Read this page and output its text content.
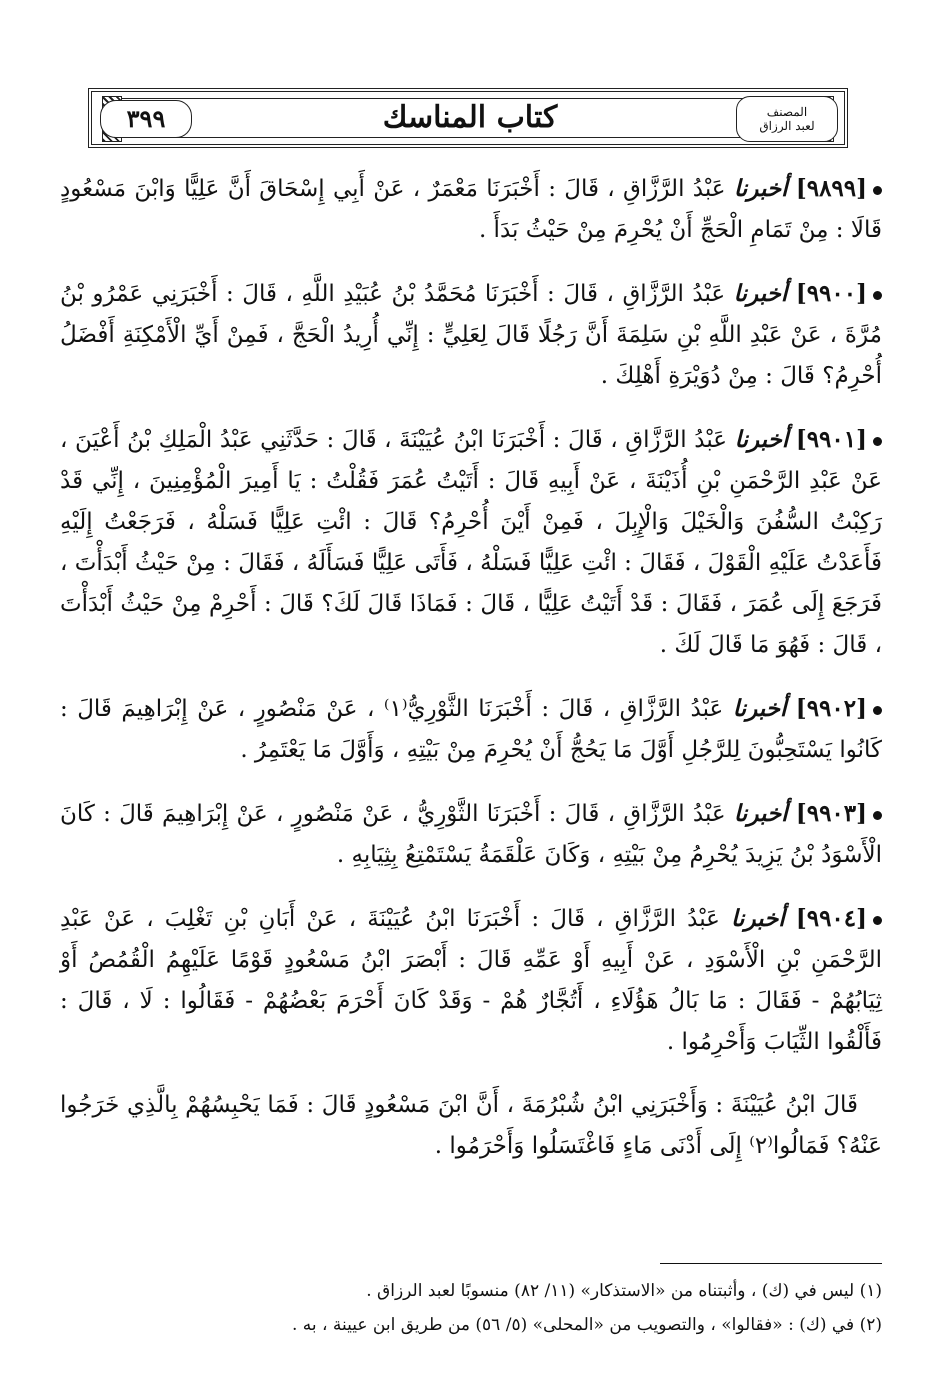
٣٩٩	كتاب المناسك	المصنف
لعبد الرزاق
[٩٨٩٩] أخبرنا عَبْدُ الرَّزَّاقِ ، قَالَ : أَخْبَرَنَا مَعْمَرٌ ، عَنْ أَبِي إِسْحَاقَ أَنَّ عَلِيًّا وَابْنَ مَسْعُودٍ قَالَا : مِنْ تَمَامِ الْحَجِّ أَنْ يُحْرِمَ مِنْ حَيْثُ بَدَأَ .
[٩٩٠٠] أخبرنا عَبْدُ الرَّزَّاقِ ، قَالَ : أَخْبَرَنَا مُحَمَّدُ بْنُ عُبَيْدِ اللَّهِ ، قَالَ : أَخْبَرَنِي عَمْرُو بْنُ مُرَّةَ ، عَنْ عَبْدِ اللَّهِ بْنِ سَلِمَةَ أَنَّ رَجُلًا قَالَ لِعَلِيٍّ : إِنِّي أُرِيدُ الْحَجَّ ، فَمِنْ أَيِّ الْأَمْكِنَةِ أَفْضَلُ أُحْرِمُ؟ قَالَ : مِنْ دُوَيْرَةِ أَهْلِكَ .
[٩٩٠١] أخبرنا عَبْدُ الرَّزَّاقِ ، قَالَ : أَخْبَرَنَا ابْنُ عُيَيْنَةَ ، قَالَ : حَدَّثَنِي عَبْدُ الْمَلِكِ بْنُ أَعْيَنَ ، عَنْ عَبْدِ الرَّحْمَنِ بْنِ أُذَيْنَةَ ، عَنْ أَبِيهِ قَالَ : أَتَيْتُ عُمَرَ فَقُلْتُ : يَا أَمِيرَ الْمُؤْمِنِينَ ، إِنِّي قَدْ رَكِبْتُ السُّفُنَ وَالْخَيْلَ وَالْإِبِلَ ، فَمِنْ أَيْنَ أُحْرِمُ؟ قَالَ : ائْتِ عَلِيًّا فَسَلْهُ ، فَرَجَعْتُ إِلَيْهِ فَأَعَدْتُ عَلَيْهِ الْقَوْلَ ، فَقَالَ : ائْتِ عَلِيًّا فَسَلْهُ ، فَأَتَى عَلِيًّا فَسَأَلَهُ ، فَقَالَ : مِنْ حَيْثُ أَبْدَأْتَ ، فَرَجَعَ إِلَى عُمَرَ ، فَقَالَ : قَدْ أَتَيْتُ عَلِيًّا ، قَالَ : فَمَاذَا قَالَ لَكَ؟ قَالَ : أَحْرِمْ مِنْ حَيْثُ أَبْدَأْتَ ، قَالَ : فَهُوَ مَا قَالَ لَكَ .
[٩٩٠٢] أخبرنا عَبْدُ الرَّزَّاقِ ، قَالَ : أَخْبَرَنَا الثَّوْرِيُّ⁽١⁾ ، عَنْ مَنْصُورٍ ، عَنْ إِبْرَاهِيمَ قَالَ : كَانُوا يَسْتَحِبُّونَ لِلرَّجُلِ أَوَّلَ مَا يَحُجُّ أَنْ يُحْرِمَ مِنْ بَيْتِهِ ، وَأَوَّلَ مَا يَعْتَمِرُ .
[٩٩٠٣] أخبرنا عَبْدُ الرَّزَّاقِ ، قَالَ : أَخْبَرَنَا الثَّوْرِيُّ ، عَنْ مَنْصُورٍ ، عَنْ إِبْرَاهِيمَ قَالَ : كَانَ الْأَسْوَدُ بْنُ يَزِيدَ يُحْرِمُ مِنْ بَيْتِهِ ، وَكَانَ عَلْقَمَةُ يَسْتَمْتِعُ بِثِيَابِهِ .
[٩٩٠٤] أخبرنا عَبْدُ الرَّزَّاقِ ، قَالَ : أَخْبَرَنَا ابْنُ عُيَيْنَةَ ، عَنْ أَبَانِ بْنِ تَغْلِبَ ، عَنْ عَبْدِ الرَّحْمَنِ بْنِ الْأَسْوَدِ ، عَنْ أَبِيهِ أَوْ عَمِّهِ قَالَ : أَبْصَرَ ابْنُ مَسْعُودٍ قَوْمًا عَلَيْهِمُ الْقُمُصُ أَوْ ثِيَابُهُمْ - فَقَالَ : مَا بَالُ هَؤُلَاءِ ، أَتُجَّارٌ هُمْ - وَقَدْ كَانَ أَحْرَمَ بَعْضُهُمْ - فَقَالُوا : لَا ، قَالَ : فَأَلْقُوا الثِّيَابَ وَأَحْرِمُوا .
قَالَ ابْنُ عُيَيْنَةَ : وَأَخْبَرَنِي ابْنُ شُبْرُمَةَ ، أَنَّ ابْنَ مَسْعُودٍ قَالَ : فَمَا يَحْبِسُهُمْ بِالَّذِي خَرَجُوا عَنْهُ؟ فَمَالُوا⁽٢⁾ إِلَى أَدْنَى مَاءٍ فَاغْتَسَلُوا وَأَحْرَمُوا .
(١) ليس في (ك) ، وأثبتناه من «الاستذكار» (١١/ ٨٢) منسوبًا لعبد الرزاق .
(٢) في (ك) : «فقالوا» ، والتصويب من «المحلى» (٥/ ٥٦) من طريق ابن عيينة ، به .
